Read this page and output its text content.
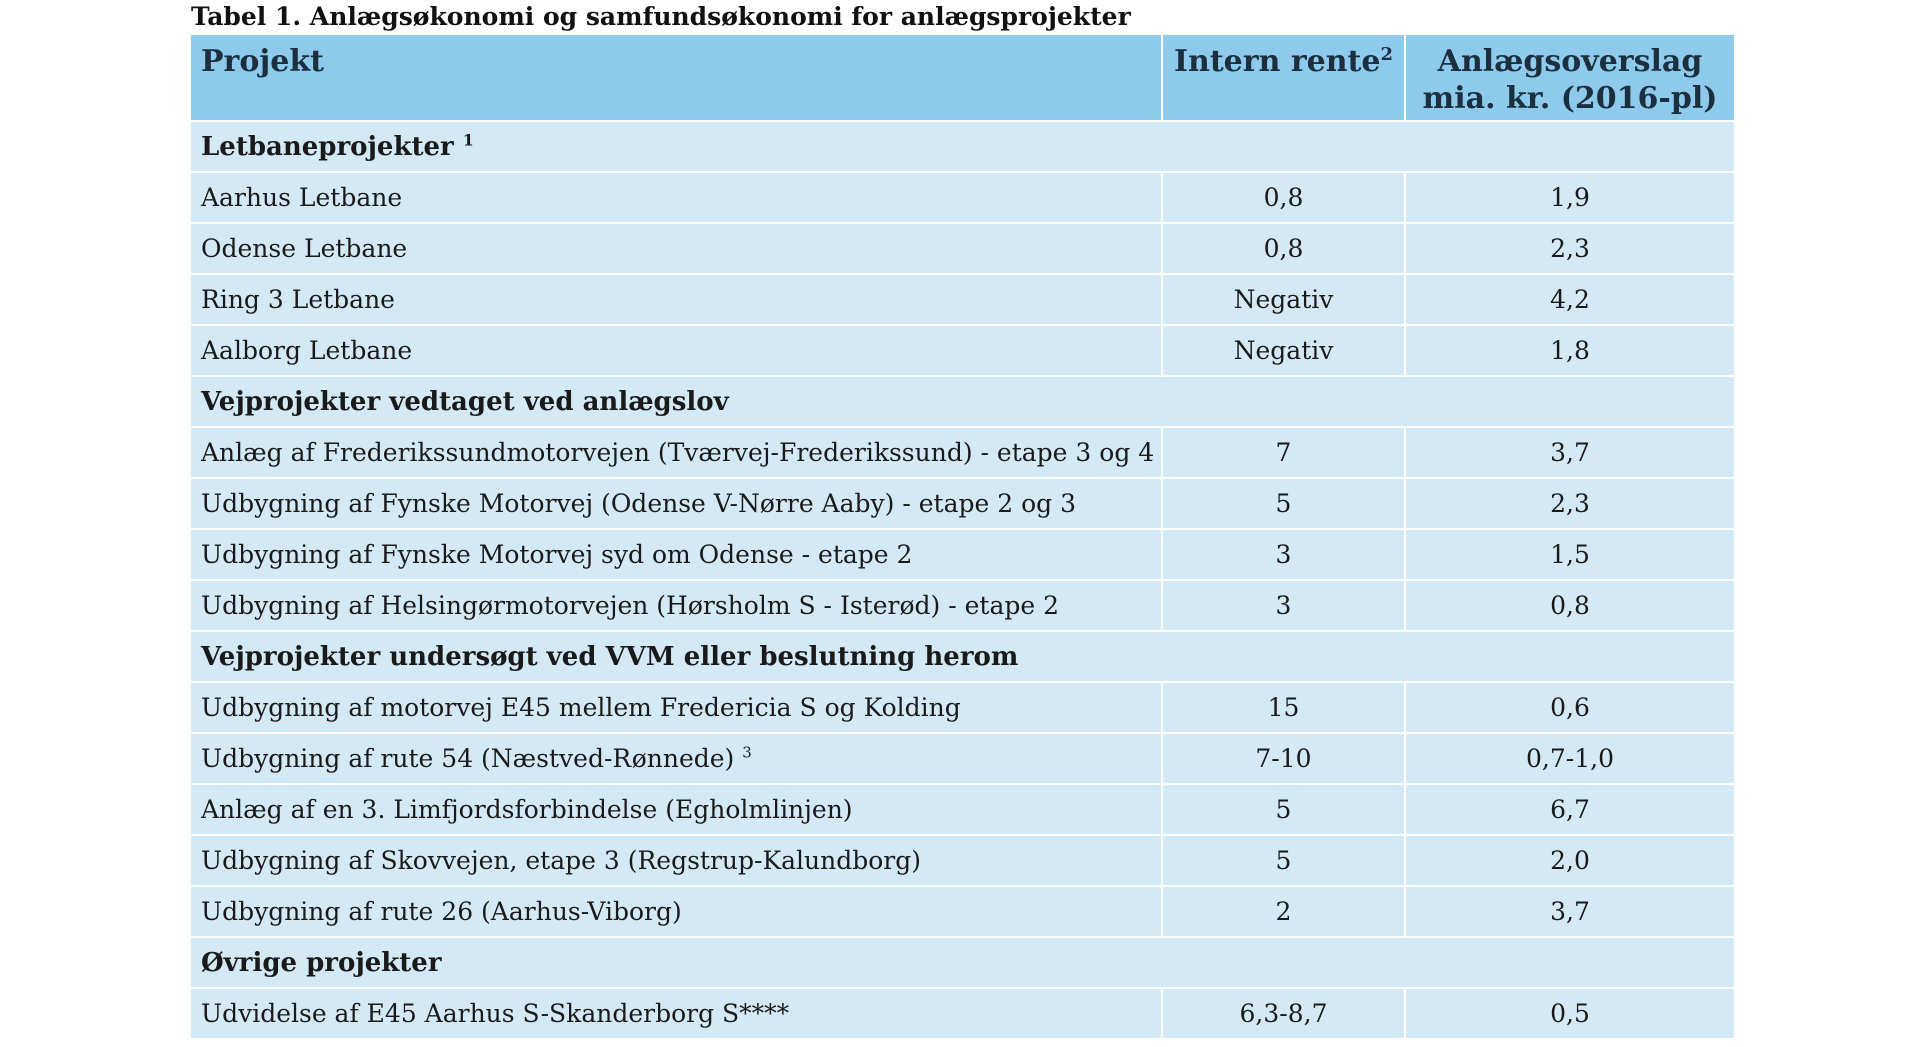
Tabel 1. Anlægsøkonomi og samfundsøkonomi for anlægsprojekter
Projekt	Intern rente$^2$	Anlægsoverslag
mia. kr. (2016-pl)
Letbaneprojekter $^1$
Aarhus Letbane	0,8	1,9
Odense Letbane	0,8	2,3
Ring 3 Letbane	Negativ	4,2
Aalborg Letbane	Negativ	1,8
Vejprojekter vedtaget ved anlægslov		
Anlæg af Frederikssundmotorvejen (Tværvej-Frederikssund) - etape 3 og 4	7	3,7
Udbygning af Fynske Motorvej (Odense V-Nørre Aaby) - etape 2 og 3	5	2,3
Udbygning af Fynske Motorvej syd om Odense - etape 2	3	1,5
Udbygning af Helsingørmotorvejen (Hørsholm S - Isterød) - etape 2	3	0,8
Vejprojekter undersøgt ved VVM eller beslutning herom		
Udbygning af motorvej E45 mellem Fredericia S og Kolding	15	0,6
Udbygning af rute 54 (Næstved-Rønnede) $^3$	7-10	0,7-1,0
Anlæg af en 3. Limfjordsforbindelse (Egholmlinjen)	5	6,7
Udbygning af Skovvejen, etape 3 (Regstrup-Kalundborg)	5	2,0
Udbygning af rute 26 (Aarhus-Viborg)	2	3,7
Øvrige projekter		
Udvidelse af E45 Aarhus S-Skanderborg S****	6,3-8,7	0,5
